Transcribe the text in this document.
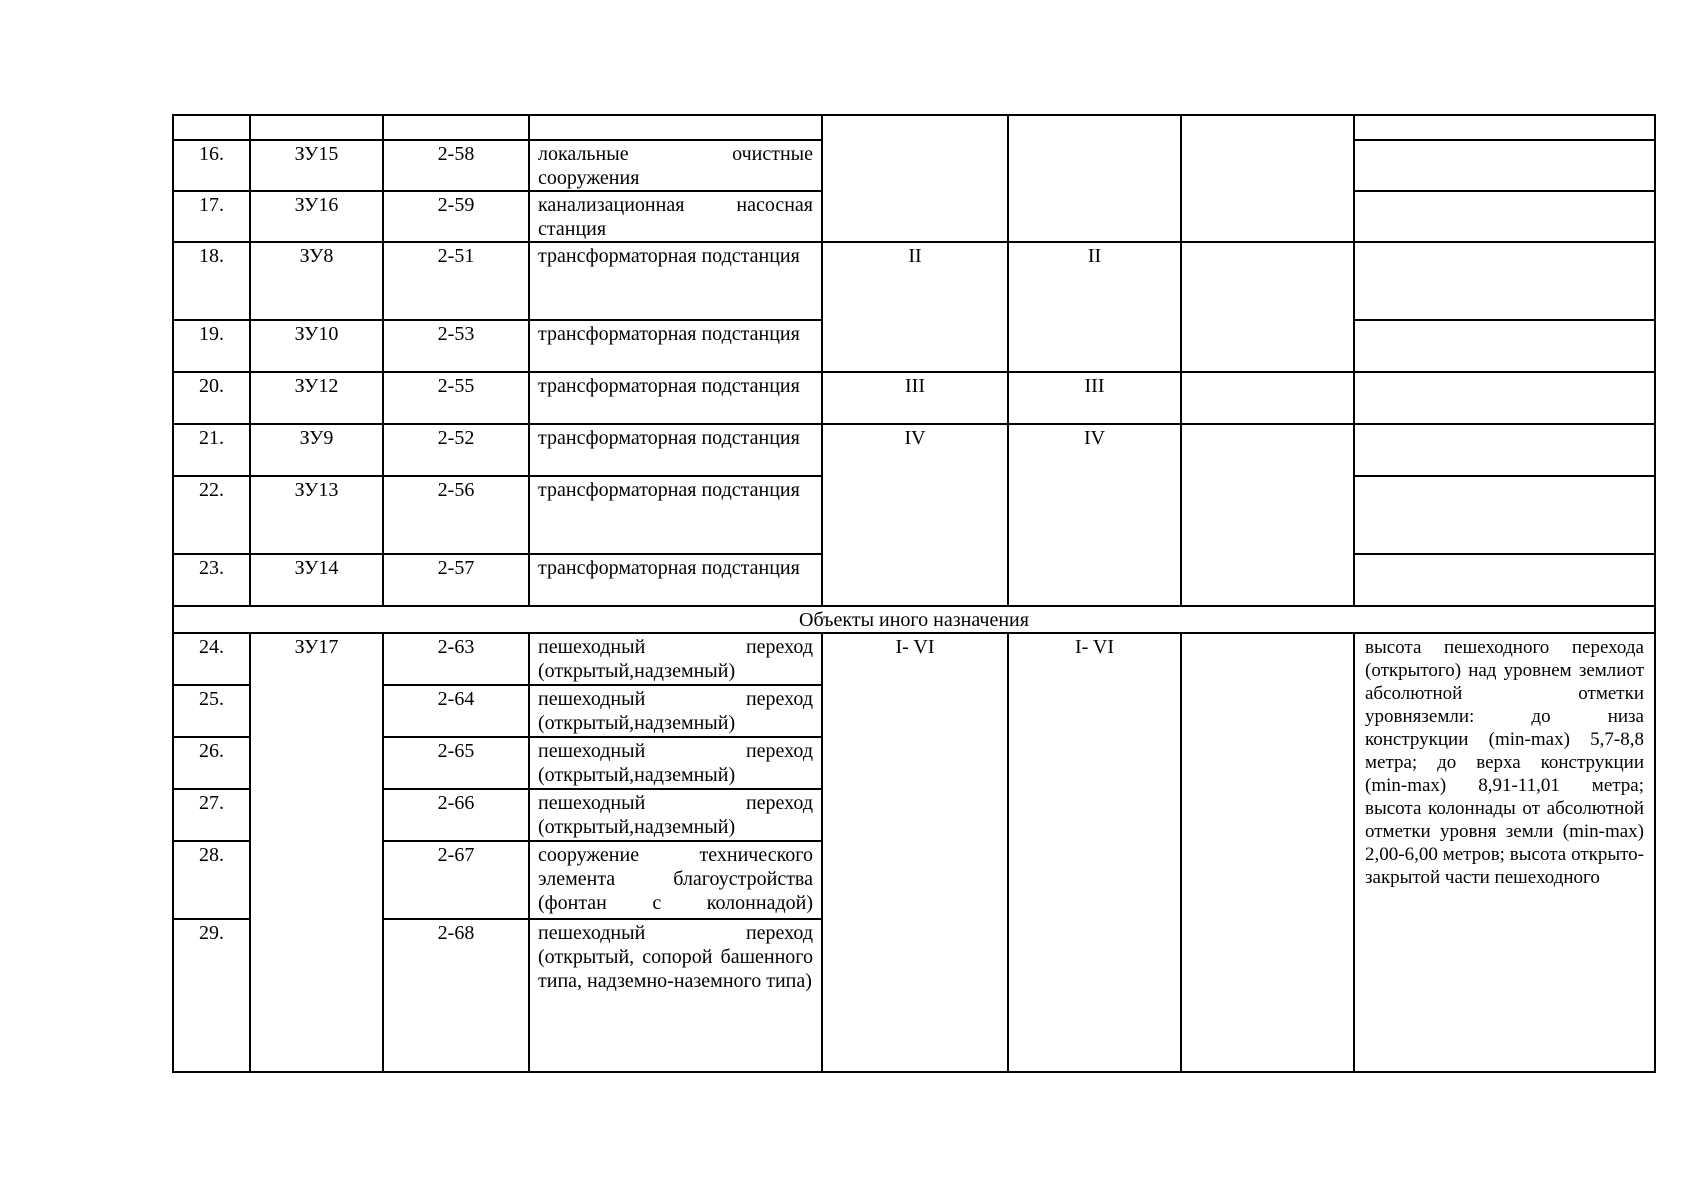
16.	ЗУ15	2-58	локальные очистные сооружения				
17.	ЗУ16	2-59	канализационная насосная станция				
18.	ЗУ8	2-51	трансформаторная подстанция	II	II		
19.	ЗУ10	2-53	трансформаторная подстанция				
20.	ЗУ12	2-55	трансформаторная подстанция	III	III		
21.	ЗУ9	2-52	трансформаторная подстанция	IV	IV		
22.	ЗУ13	2-56	трансформаторная подстанция				
23.	ЗУ14	2-57	трансформаторная подстанция				
Объекты иного назначения							
24.	ЗУ17	2-63	пешеходный переход (открытый,надземный)	I- VI	I- VI		высота пешеходного перехода (открытого) над уровнем землиот абсолютной отметки уровняземли: до низа конструкции (min-max) 5,7-8,8 метра; до верха конструкции (min-max) 8,91-11,01 метра; высота колоннады от абсолютной отметки уровня земли (min-max) 2,00-6,00 метров; высота открыто-закрытой части пешеходного
25.		2-64	пешеходный переход (открытый,надземный)				
26.		2-65	пешеходный переход (открытый,надземный)				
27.		2-66	пешеходный переход (открытый,надземный)				
28.		2-67	сооружение технического элемента благоустройства (фонтан с колоннадой)				
29.		2-68	пешеходный переход (открытый, сопорой башенного типа, надземно-наземного типа)				
